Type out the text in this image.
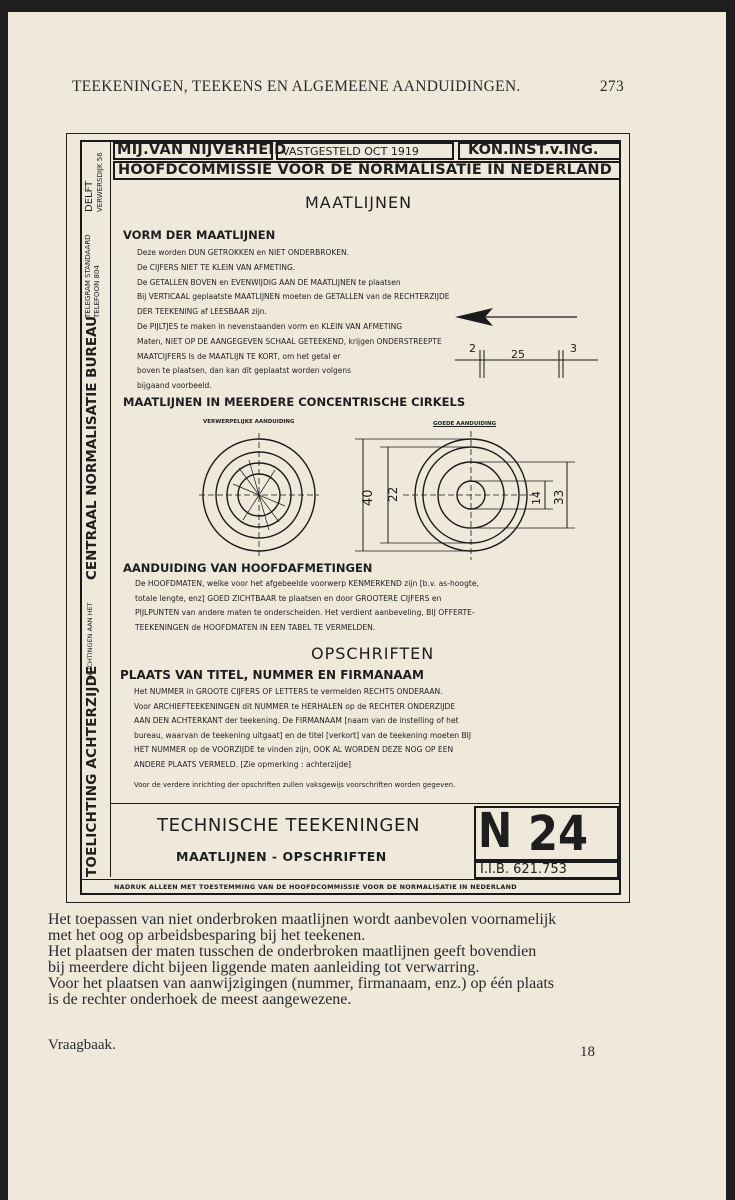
TEEKENINGEN, TEEKENS EN ALGEMEENE AANDUIDINGEN.	273
TOELICHTING ACHTERZIJDE
INLICHTINGEN AAN HET
CENTRAAL NORMALISATIE BUREAU
TELEGRAM STANDAARD TELEFOON 804
DELFT VERWERSDIJK 56
MIJ.VAN NIJVERHEID
VASTGESTELD OCT 1919	KON.INST.v.ING.
HOOFDCOMMISSIE VOOR DE NORMALISATIE IN NEDERLAND
MAATLIJNEN
VORM DER MAATLIJNEN
Deze worden DUN GETROKKEN en NIET ONDERBROKEN.
De CIJFERS NIET TE KLEIN VAN AFMETING.
De GETALLEN BOVEN en EVENWIJDIG AAN DE MAATLIJNEN te plaatsen
Bij VERTICAAL geplaatste MAATLIJNEN moeten de GETALLEN van de RECHTERZIJDE
DER TEEKENING af LEESBAAR zijn.
De PIJLTJES te maken in nevenstaanden vorm en KLEIN VAN AFMETING
Maten, NIET OP DE AANGEGEVEN SCHAAL GETEEKEND, krijgen ONDERSTREEPTE
MAATCIJFERS Is de MAATLIJN TE KORT, om het getal er
boven te plaatsen, dan kan dit geplaatst worden volgens
bijgaand voorbeeld.
2	25	3
MAATLIJNEN IN MEERDERE CONCENTRISCHE CIRKELS
VERWERPELIJKE AANDUIDING	GOEDE AANDUIDING
40 22	14 33
AANDUIDING VAN HOOFDAFMETINGEN
De HOOFDMATEN, welke voor het afgebeelde voorwerp KENMERKEND zijn [b.v. as-hoogte,
totale lengte, enz] GOED ZICHTBAAR te plaatsen en door GROOTERE CIJFERS en
PIJLPUNTEN van andere maten te onderscheiden. Het verdient aanbeveling, BIJ OFFERTE-
TEEKENINGEN de HOOFDMATEN IN EEN TABEL TE VERMELDEN.
OPSCHRIFTEN
PLAATS VAN TITEL, NUMMER EN FIRMANAAM
Het NUMMER in GROOTE CIJFERS OF LETTERS te vermelden RECHTS ONDERAAN.
Voor ARCHIEFTEEKENINGEN dit NUMMER te HERHALEN op de RECHTER ONDERZIJDE
AAN DEN ACHTERKANT der teekening. De FIRMANAAM [naam van de instelling of het
bureau, waarvan de teekening uitgaat] en de titel [verkort] van de teekening moeten BIJ
HET NUMMER op de VOORZIJDE te vinden zijn, OOK AL WORDEN DEZE NOG OP EEN
ANDERE PLAATS VERMELD. [Zie opmerking : achterzijde]
Voor de verdere inrichting der opschriften zullen vaksgewijs voorschriften worden gegeven.
TECHNISCHE TEEKENINGEN
MAATLIJNEN - OPSCHRIFTEN N 24
I.I.B. 621.753
NADRUK ALLEEN MET TOESTEMMING VAN DE HOOFDCOMMISSIE VOOR DE NORMALISATIE IN NEDERLAND
Het toepassen van niet onderbroken maatlijnen wordt aanbevolen voornamelijk
met het oog op arbeidsbesparing bij het teekenen.
Het plaatsen der maten tusschen de onderbroken maatlijnen geeft bovendien
bij meerdere dicht bijeen liggende maten aanleiding tot verwarring.
Voor het plaatsen van aanwijzigingen (nummer, firmanaam, enz.) op één plaats
is de rechter onderhoek de meest aangewezene.
Vraagbaak.	18
